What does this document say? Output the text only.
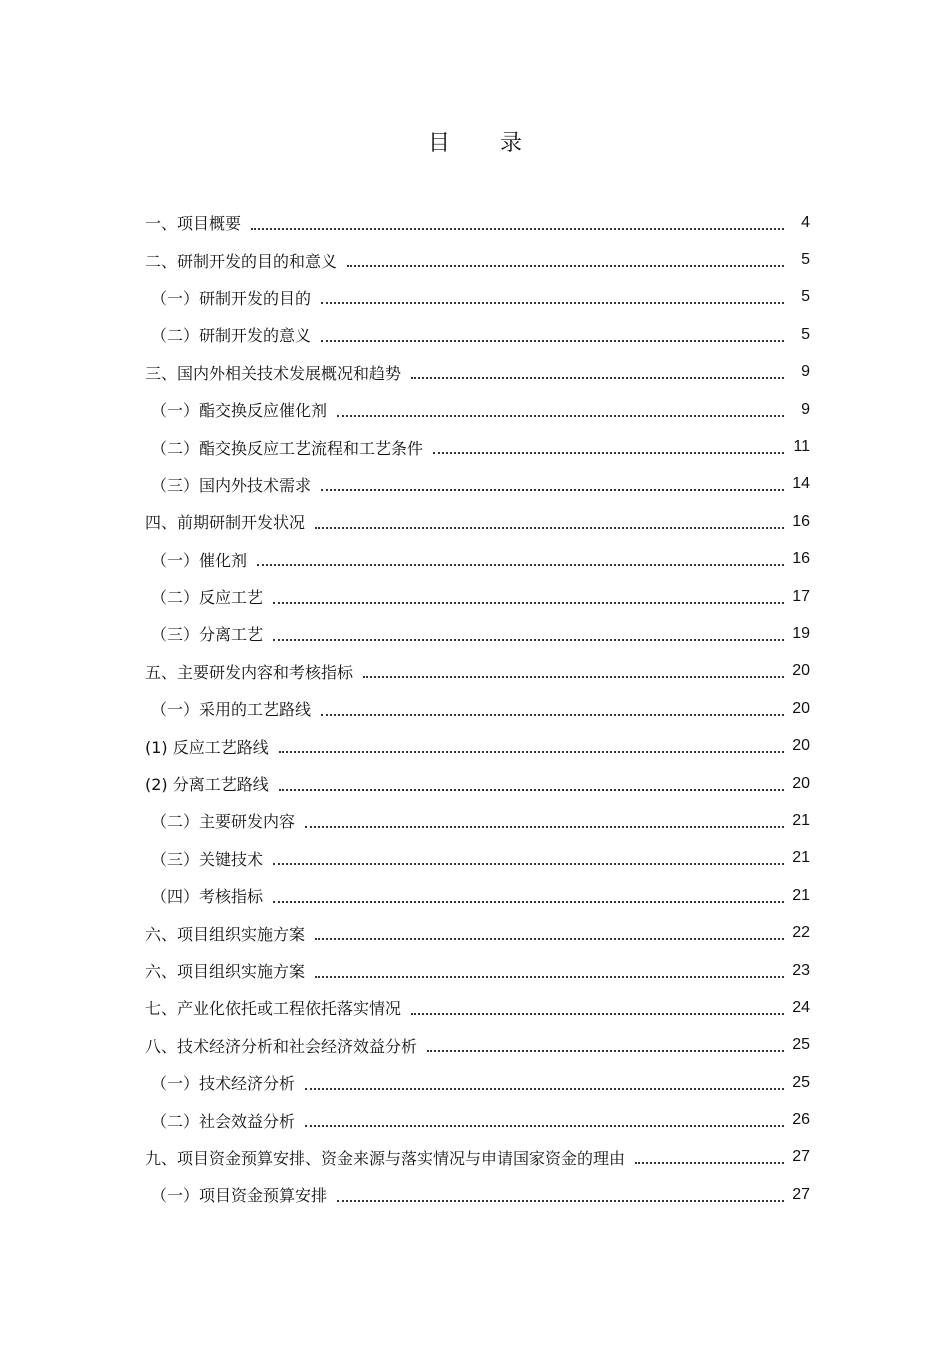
目 录
一、项目概要	4
二、研制开发的目的和意义	5
（一）研制开发的目的	5
（二）研制开发的意义	5
三、国内外相关技术发展概况和趋势	9
（一）酯交换反应催化剂	9
（二）酯交换反应工艺流程和工艺条件	11
（三）国内外技术需求	14
四、前期研制开发状况	16
（一）催化剂	16
（二）反应工艺	17
（三）分离工艺	19
五、主要研发内容和考核指标	20
（一）采用的工艺路线	20
(1) 反应工艺路线	20
(2) 分离工艺路线	20
（二）主要研发内容	21
（三）关键技术	21
（四）考核指标	21
六、项目组织实施方案	22
六、项目组织实施方案	23
七、产业化依托或工程依托落实情况	24
八、技术经济分析和社会经济效益分析	25
（一）技术经济分析	25
（二）社会效益分析	26
九、项目资金预算安排、资金来源与落实情况与申请国家资金的理由	27
（一）项目资金预算安排	27
